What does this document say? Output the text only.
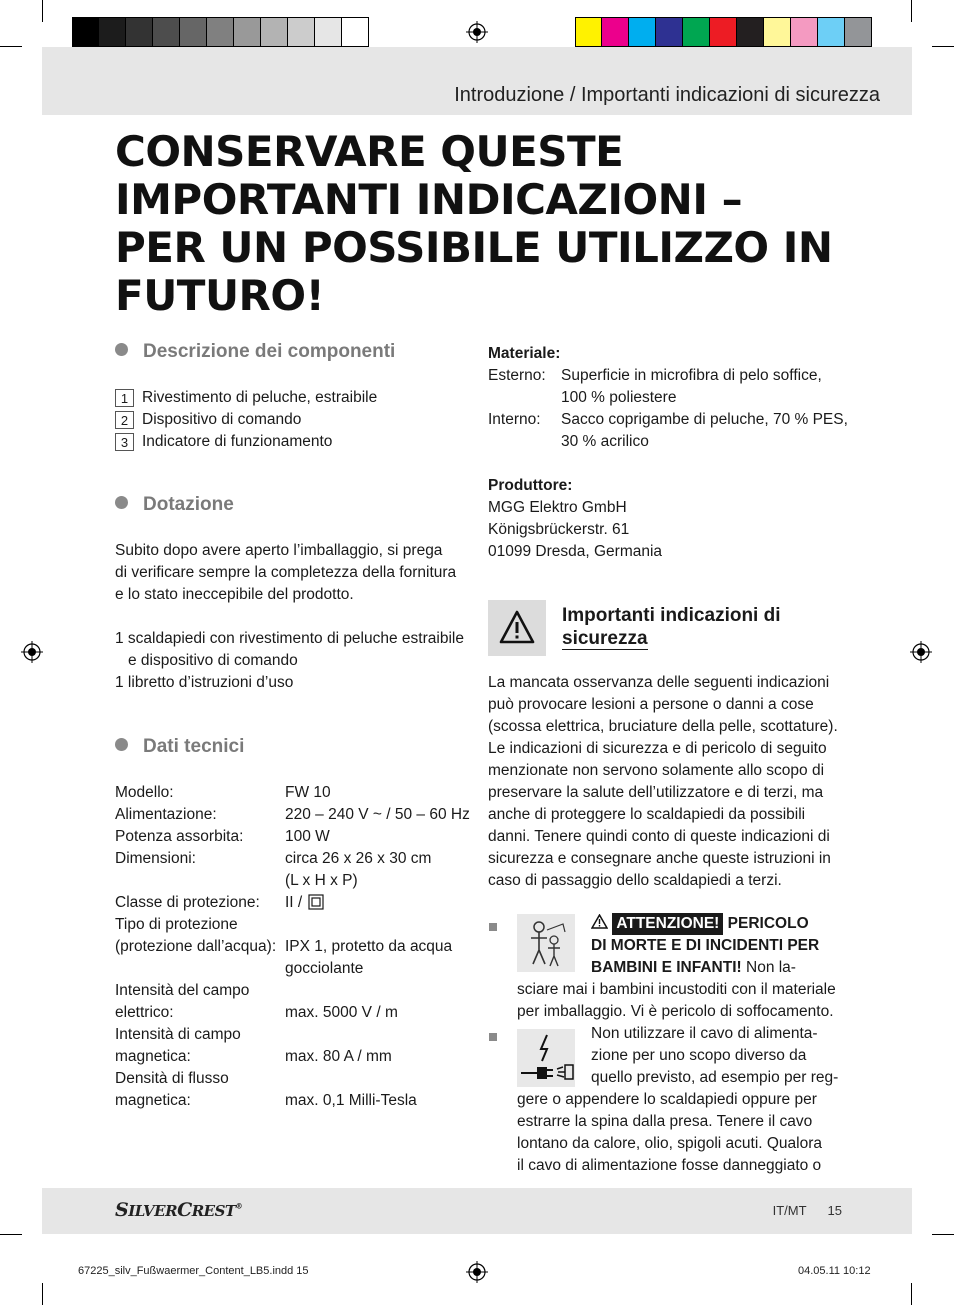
Introduzione / Importanti indicazioni di sicurezza
CONSERVARE QUESTE IMPORTANTI INDICAZIONI – PER UN POSSIBILE UTILIZZO IN FUTURO!
Descrizione dei componenti
1 Rivestimento di peluche, estraibile
2 Dispositivo di comando
3 Indicatore di funzionamento
Dotazione
Subito dopo avere aperto l’imballaggio, si prega
di verificare sempre la completezza della fornitura
e lo stato ineccepibile del prodotto.
1 scaldapiedi con rivestimento di peluche estraibile
e dispositivo di comando
1 libretto d’istruzioni d’uso
Dati tecnici
Modello:	FW 10
Alimentazione:	220 – 240 V ~ / 50 – 60 Hz
Potenza assorbita:	100 W
Dimensioni:	circa 26 x 26 x 30 cm
(L x H x P)
Classe di protezione: II /
Tipo di protezione
(protezione dall’acqua): IPX 1, protetto da acqua
gocciolante
Intensità del campo
elettrico:	max. 5000 V / m
Intensità di campo
magnetica:	max. 80 A / mm
Densità di flusso
magnetica:	max. 0,1 Milli-Tesla
Materiale:
Esterno: Superficie in microfibra di pelo soffice,
100 % poliestere
Interno: Sacco coprigambe di peluche, 70 % PES,
30 % acrilico
Produttore:
MGG Elektro GmbH
Königsbrückerstr. 61
01099 Dresda, Germania
Importanti indicazioni di
sicurezza
La mancata osservanza delle seguenti indicazioni
può provocare lesioni a persone o danni a cose
(scossa elettrica, bruciature della pelle, scottature).
Le indicazioni di sicurezza e di pericolo di seguito
menzionate non servono solamente allo scopo di
preservare la salute dell’utilizzatore e di terzi, ma
anche di proteggere lo scaldapiedi da possibili
danni. Tenere quindi conto di queste indicazioni di
sicurezza e consegnare anche queste istruzioni in
caso di passaggio dello scaldapiedi a terzi.
ATTENZIONE! PERICOLO
DI MORTE E DI INCIDENTI PER
BAMBINI E INFANTI! Non la-
sciare mai i bambini incustoditi con il materiale
per imballaggio. Vi è pericolo di soffocamento.
Non utilizzare il cavo di alimenta-
zione per uno scopo diverso da
quello previsto, ad esempio per reg-
gere o appendere lo scaldapiedi oppure per
estrarre la spina dalla presa. Tenere il cavo
lontano da calore, olio, spigoli acuti. Qualora
il cavo di alimentazione fosse danneggiato o
SILVERCREST®	IT/MT 15
67225_silv_Fußwaermer_Content_LB5.indd 15	04.05.11 10:12
